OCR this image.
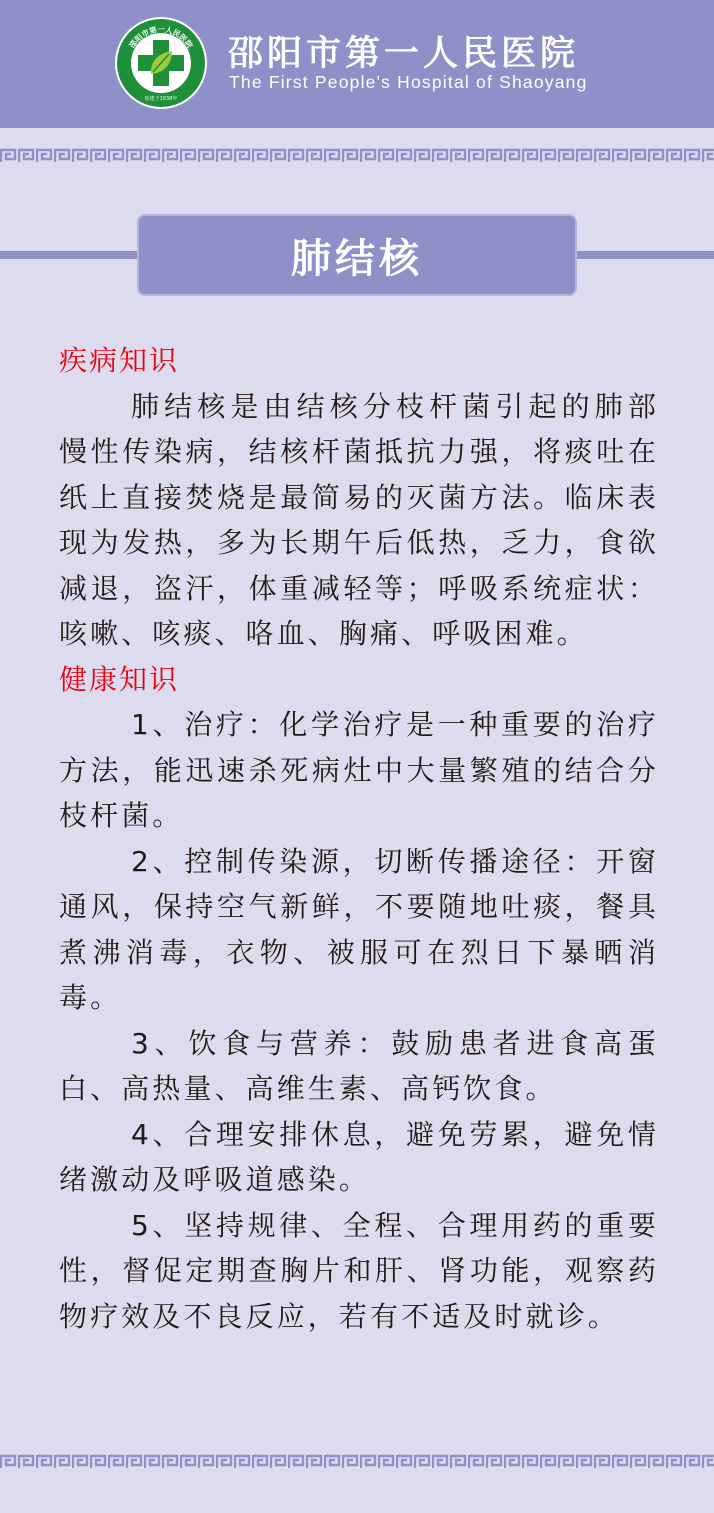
邵阳市第一人民医院
始建于1938年
邵阳市第一人民医院
The First People's Hospital of Shaoyang
肺结核
疾病知识

肺结核是由结核分枝杆菌引起的肺部慢性传染病，结核杆菌抵抗力强，将痰吐在纸上直接焚烧是最简易的灭菌方法。临床表现为发热，多为长期午后低热，乏力，食欲减退，盗汗，体重减轻等；呼吸系统症状：咳嗽、咳痰、咯血、胸痛、呼吸困难。

健康知识

1、治疗：化学治疗是一种重要的治疗方法，能迅速杀死病灶中大量繁殖的结合分枝杆菌。

2、控制传染源，切断传播途径：开窗通风，保持空气新鲜，不要随地吐痰，餐具煮沸消毒，衣物、被服可在烈日下暴晒消毒。

3、饮食与营养：鼓励患者进食高蛋白、高热量、高维生素、高钙饮食。

4、合理安排休息，避免劳累，避免情绪激动及呼吸道感染。

5、坚持规律、全程、合理用药的重要性，督促定期查胸片和肝、肾功能，观察药物疗效及不良反应，若有不适及时就诊。
